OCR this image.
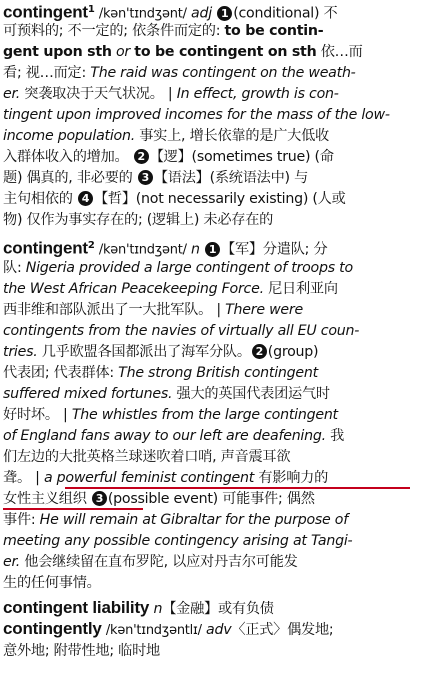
contingent$^1$ /kən'tɪndʒənt/ adj 1 (conditional) 不
可预料的; 不一定的; 依条件而定的: to be contin-
gent upon sth or to be contingent on sth 依…而
看; 视…而定: The raid was contingent on the weath-
er. 突袭取决于天气状况。 | In effect, growth is con-
tingent upon improved incomes for the mass of the low-
income population. 事实上, 增长依靠的是广大低收
入群体收入的增加。 2 【逻】(sometimes true) (命
题) 偶真的, 非必要的 3 【语法】(系统语法中) 与
主句相依的 4 【哲】(not necessarily existing) (人或
物) 仅作为事实存在的; (逻辑上) 未必存在的
contingent$^2$ /kən'tɪndʒənt/ n 1 【军】分遣队; 分
队: Nigeria provided a large contingent of troops to
the West African Peacekeeping Force. 尼日利亚向
西非维和部队派出了一大批军队。 | There were
contingents from the navies of virtually all EU coun-
tries. 几乎欧盟各国都派出了海军分队。 2 (group)
代表团; 代表群体: The strong British contingent
suffered mixed fortunes. 强大的英国代表团运气时
好时坏。 | The whistles from the large contingent
of England fans away to our left are deafening. 我
们左边的大批英格兰球迷吹着口哨, 声音震耳欲
聋。 | a powerful feminist contingent 有影响力的
女性主义组织 3 (possible event) 可能事件; 偶然
事件: He will remain at Gibraltar for the purpose of
meeting any possible contingency arising at Tangi-
er. 他会继续留在直布罗陀, 以应对丹吉尔可能发
生的任何事情。
contingent liability n【金融】或有负债
contingently /kən'tɪndʒəntlɪ/ adv〈正式〉偶发地;
意外地; 附带性地; 临时地
